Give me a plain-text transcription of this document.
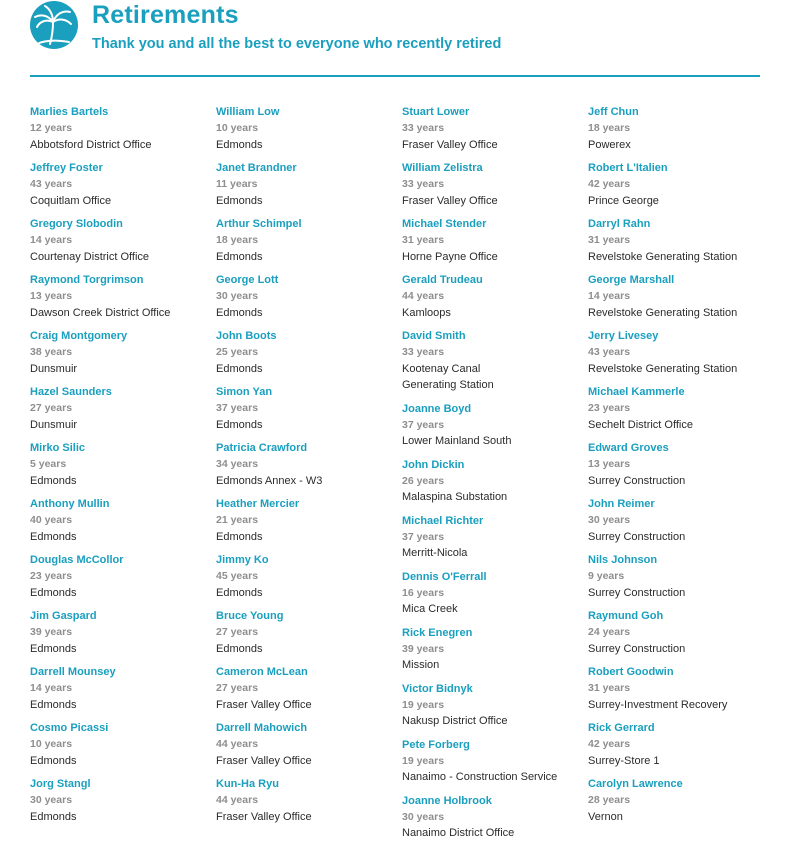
Retirements
Thank you and all the best to everyone who recently retired
Marlies Bartels
12 years
Abbotsford District Office
Jeffrey Foster
43 years
Coquitlam Office
Gregory Slobodin
14 years
Courtenay District Office
Raymond Torgrimson
13 years
Dawson Creek District Office
Craig Montgomery
38 years
Dunsmuir
Hazel Saunders
27 years
Dunsmuir
Mirko Silic
5 years
Edmonds
Anthony Mullin
40 years
Edmonds
Douglas McCollor
23 years
Edmonds
Jim Gaspard
39 years
Edmonds
Darrell Mounsey
14 years
Edmonds
Cosmo Picassi
10 years
Edmonds
Jorg Stangl
30 years
Edmonds
William Low
10 years
Edmonds
Janet Brandner
11 years
Edmonds
Arthur Schimpel
18 years
Edmonds
George Lott
30 years
Edmonds
John Boots
25 years
Edmonds
Simon Yan
37 years
Edmonds
Patricia Crawford
34 years
Edmonds Annex - W3
Heather Mercier
21 years
Edmonds
Jimmy Ko
45 years
Edmonds
Bruce Young
27 years
Edmonds
Cameron McLean
27 years
Fraser Valley Office
Darrell Mahowich
44 years
Fraser Valley Office
Kun-Ha Ryu
44 years
Fraser Valley Office
Stuart Lower
33 years
Fraser Valley Office
William Zelistra
33 years
Fraser Valley Office
Michael Stender
31 years
Horne Payne Office
Gerald Trudeau
44 years
Kamloops
David Smith
33 years
Kootenay Canal
Generating Station
Joanne Boyd
37 years
Lower Mainland South
John Dickin
26 years
Malaspina Substation
Michael Richter
37 years
Merritt-Nicola
Dennis O'Ferrall
16 years
Mica Creek
Rick Enegren
39 years
Mission
Victor Bidnyk
19 years
Nakusp District Office
Pete Forberg
19 years
Nanaimo - Construction Service
Joanne Holbrook
30 years
Nanaimo District Office
Jeff Chun
18 years
Powerex
Robert L'Italien
42 years
Prince George
Darryl Rahn
31 years
Revelstoke Generating Station
George Marshall
14 years
Revelstoke Generating Station
Jerry Livesey
43 years
Revelstoke Generating Station
Michael Kammerle
23 years
Sechelt District Office
Edward Groves
13 years
Surrey Construction
John Reimer
30 years
Surrey Construction
Nils Johnson
9 years
Surrey Construction
Raymund Goh
24 years
Surrey Construction
Robert Goodwin
31 years
Surrey-Investment Recovery
Rick Gerrard
42 years
Surrey-Store 1
Carolyn Lawrence
28 years
Vernon
